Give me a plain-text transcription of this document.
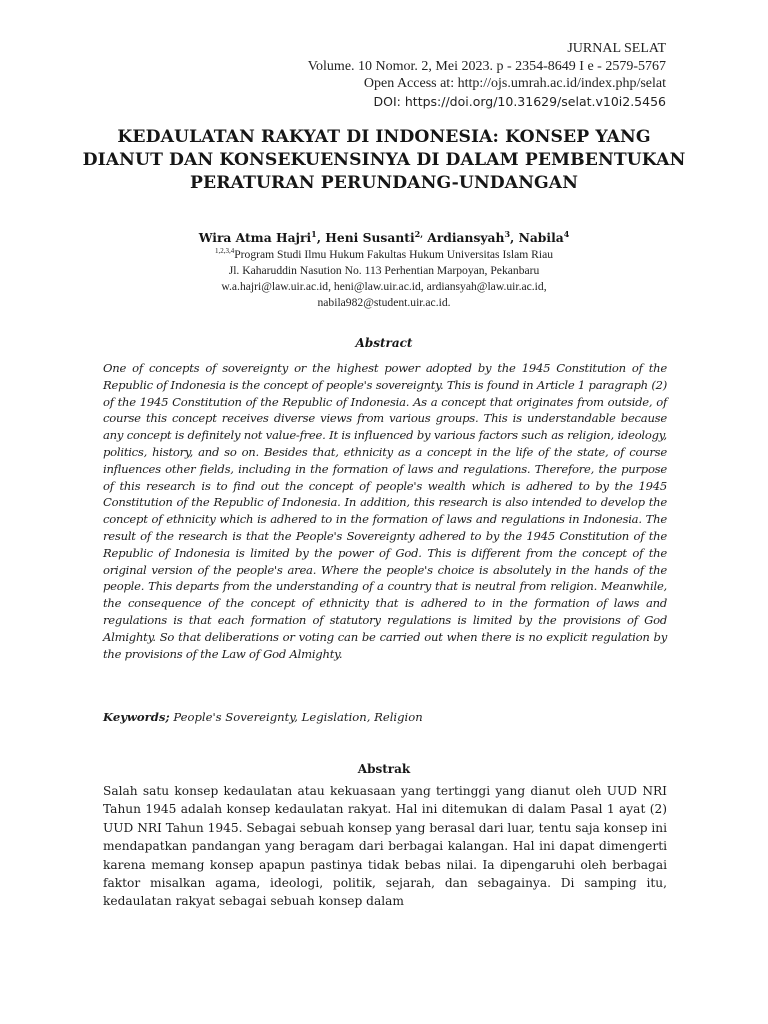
JURNAL SELAT
Volume. 10 Nomor. 2, Mei 2023. p - 2354-8649 I e - 2579-5767
Open Access at: http://ojs.umrah.ac.id/index.php/selat
DOI: https://doi.org/10.31629/selat.v10i2.5456
KEDAULATAN RAKYAT DI INDONESIA: KONSEP YANG
DIANUT DAN KONSEKUENSINYA DI DALAM PEMBENTUKAN
PERATURAN PERUNDANG-UNDANGAN
Wira Atma Hajri$^1$, Heni Susanti$^{2,}$ Ardiansyah$^3$, Nabila$^4$
$^{1,2,3,4}$Program Studi Ilmu Hukum Fakultas Hukum Universitas Islam Riau
Jl. Kaharuddin Nasution No. 113 Perhentian Marpoyan, Pekanbaru
w.a.hajri@law.uir.ac.id, heni@law.uir.ac.id, ardiansyah@law.uir.ac.id,
nabila982@student.uir.ac.id.
Abstract

One of concepts of sovereignty or the highest power adopted by the 1945 Constitution of the Republic of Indonesia is the concept of people's sovereignty. This is found in Article 1 paragraph (2) of the 1945 Constitution of the Republic of Indonesia. As a concept that originates from outside, of course this concept receives diverse views from various groups. This is understandable because any concept is definitely not value-free. It is influenced by various factors such as religion, ideology, politics, history, and so on. Besides that, ethnicity as a concept in the life of the state, of course influences other fields, including in the formation of laws and regulations. Therefore, the purpose of this research is to find out the concept of people's wealth which is adhered to by the 1945 Constitution of the Republic of Indonesia. In addition, this research is also intended to develop the concept of ethnicity which is adhered to in the formation of laws and regulations in Indonesia. The result of the research is that the People's Sovereignty adhered to by the 1945 Constitution of the Republic of Indonesia is limited by the power of God. This is different from the concept of the original version of the people's area. Where the people's choice is absolutely in the hands of the people. This departs from the understanding of a country that is neutral from religion. Meanwhile, the consequence of the concept of ethnicity that is adhered to in the formation of laws and regulations is that each formation of statutory regulations is limited by the provisions of God Almighty. So that deliberations or voting can be carried out when there is no explicit regulation by the provisions of the Law of God Almighty.

Keywords; People's Sovereignty, Legislation, Religion
Abstrak

Salah satu konsep kedaulatan atau kekuasaan yang tertinggi yang dianut oleh UUD NRI Tahun 1945 adalah konsep kedaulatan rakyat. Hal ini ditemukan di dalam Pasal 1 ayat (2) UUD NRI Tahun 1945. Sebagai sebuah konsep yang berasal dari luar, tentu saja konsep ini mendapatkan pandangan yang beragam dari berbagai kalangan. Hal ini dapat dimengerti karena memang konsep apapun pastinya tidak bebas nilai. Ia dipengaruhi oleh berbagai faktor misalkan agama, ideologi, politik, sejarah, dan sebagainya. Di samping itu, kedaulatan rakyat sebagai sebuah konsep dalam
